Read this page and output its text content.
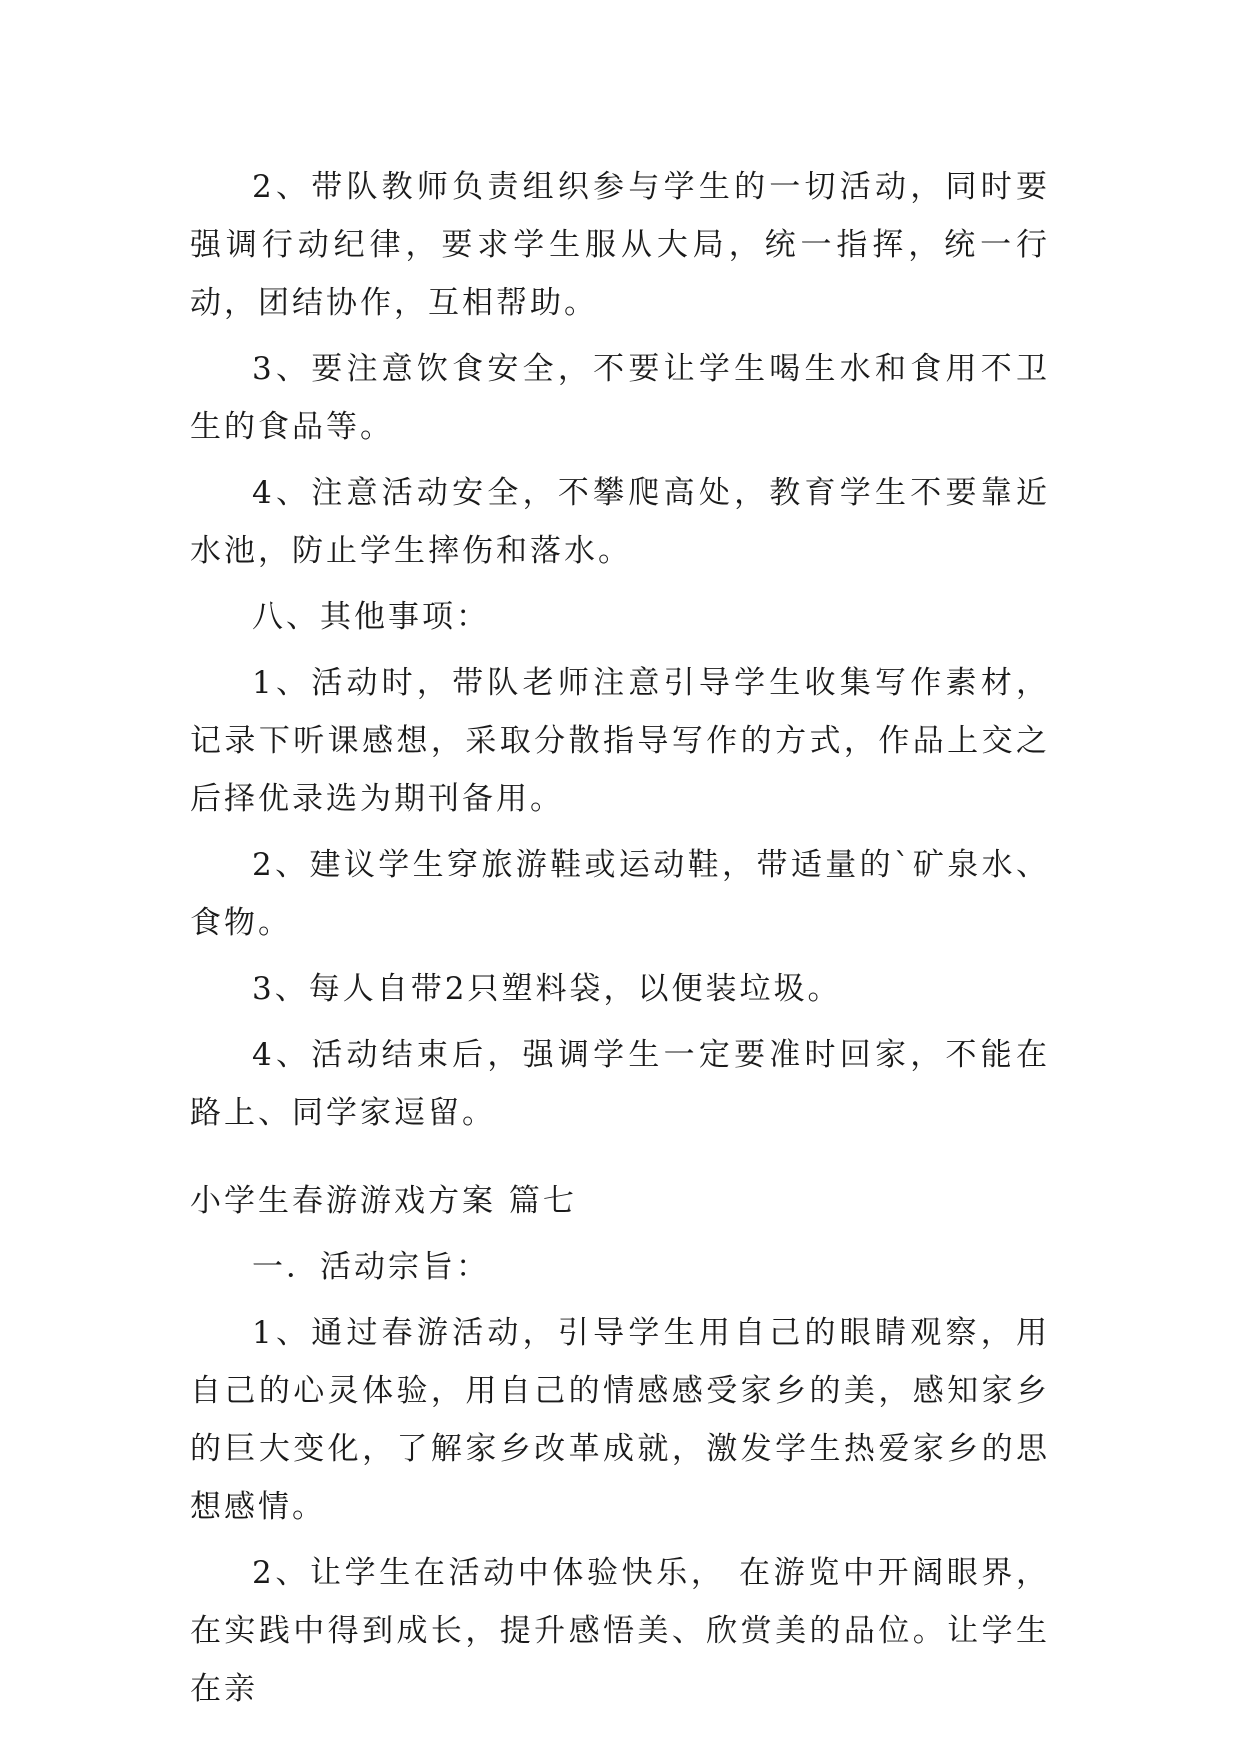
2、带队教师负责组织参与学生的一切活动，同时要强调行动纪律，要求学生服从大局，统一指挥，统一行动，团结协作，互相帮助。

3、要注意饮食安全，不要让学生喝生水和食用不卫生的食品等。

4、注意活动安全，不攀爬高处，教育学生不要靠近水池，防止学生摔伤和落水。

八、其他事项：

1、活动时，带队老师注意引导学生收集写作素材，记录下听课感想，采取分散指导写作的方式，作品上交之后择优录选为期刊备用。

2、建议学生穿旅游鞋或运动鞋，带适量的`矿泉水、食物。

3、每人自带2只塑料袋，以便装垃圾。

4、活动结束后，强调学生一定要准时回家，不能在路上、同学家逗留。

小学生春游游戏方案 篇七

一．活动宗旨：

1、通过春游活动，引导学生用自己的眼睛观察，用自己的心灵体验，用自己的情感感受家乡的美，感知家乡的巨大变化，了解家乡改革成就，激发学生热爱家乡的思想感情。

2、让学生在活动中体验快乐， 在游览中开阔眼界，在实践中得到成长，提升感悟美、欣赏美的品位。让学生在亲
